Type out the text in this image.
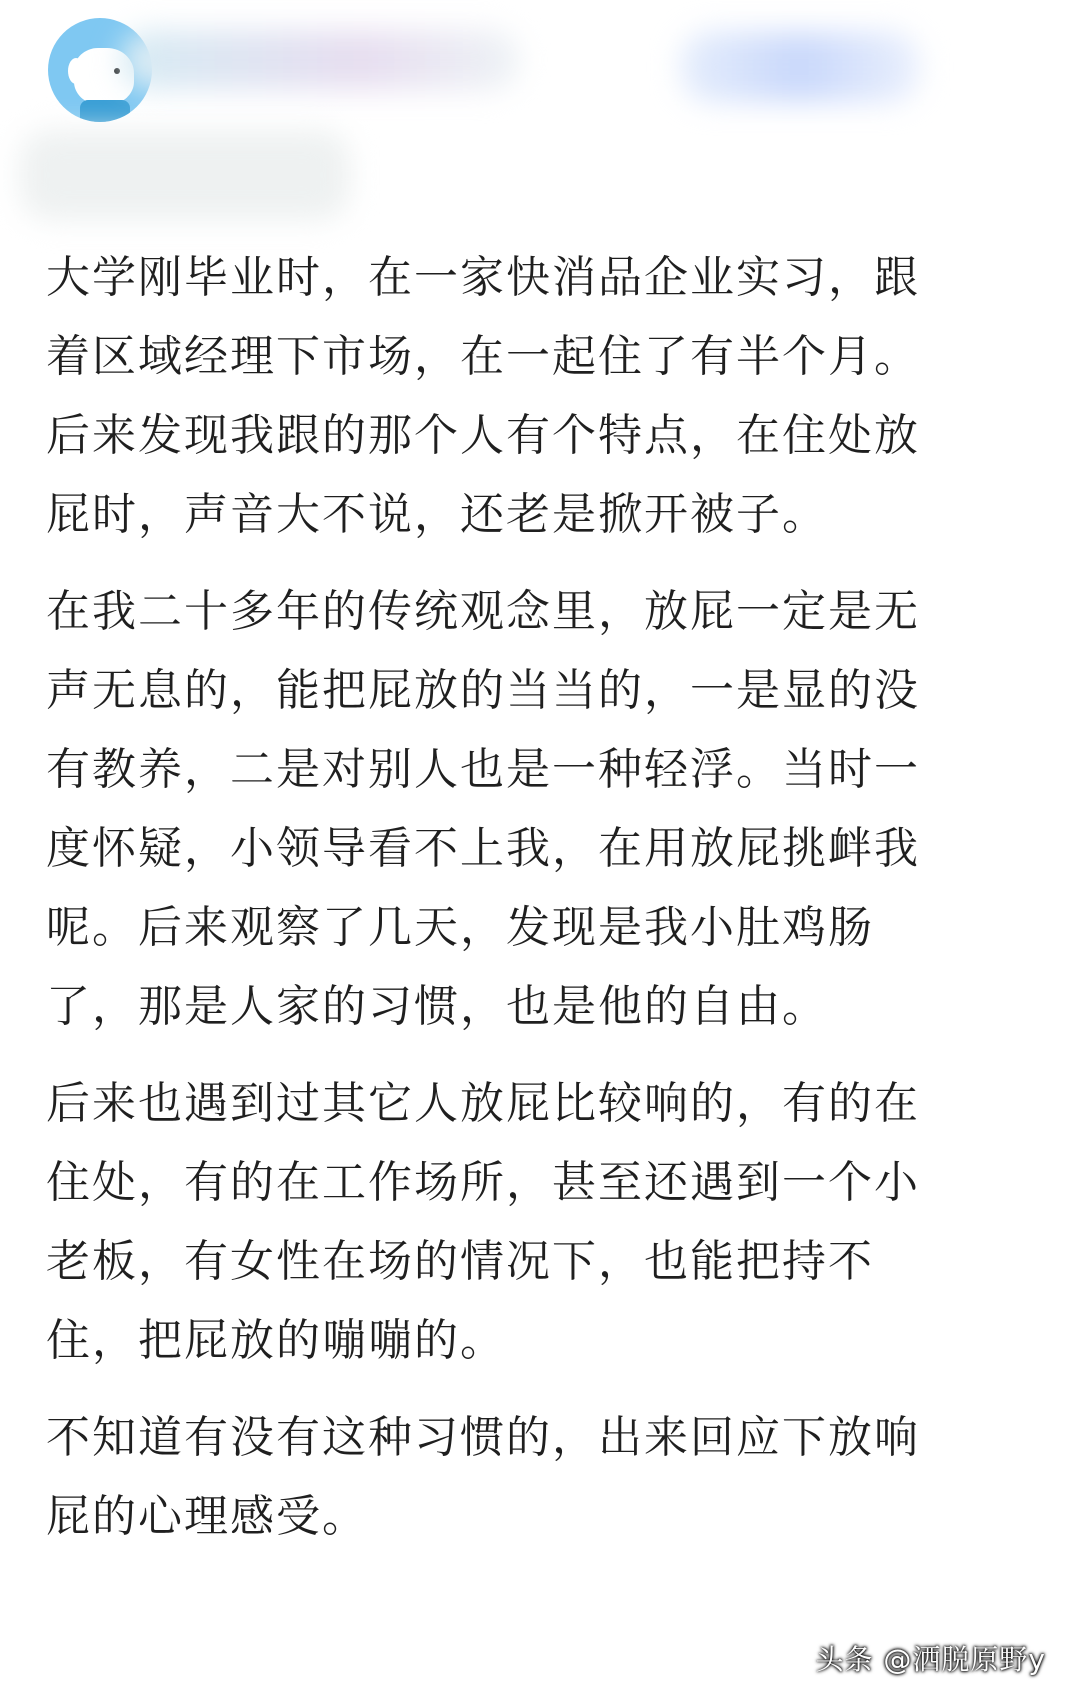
大学刚毕业时，在一家快消品企业实习，跟
着区域经理下市场，在一起住了有半个月。
后来发现我跟的那个人有个特点，在住处放
屁时，声音大不说，还老是掀开被子。

在我二十多年的传统观念里，放屁一定是无
声无息的，能把屁放的当当的，一是显的没
有教养，二是对别人也是一种轻浮。当时一
度怀疑，小领导看不上我，在用放屁挑衅我
呢。后来观察了几天，发现是我小肚鸡肠
了，那是人家的习惯，也是他的自由。

后来也遇到过其它人放屁比较响的，有的在
住处，有的在工作场所，甚至还遇到一个小
老板，有女性在场的情况下，也能把持不
住，把屁放的嘣嘣的。

不知道有没有这种习惯的，出来回应下放响
屁的心理感受。

头条 @洒脱原野y
